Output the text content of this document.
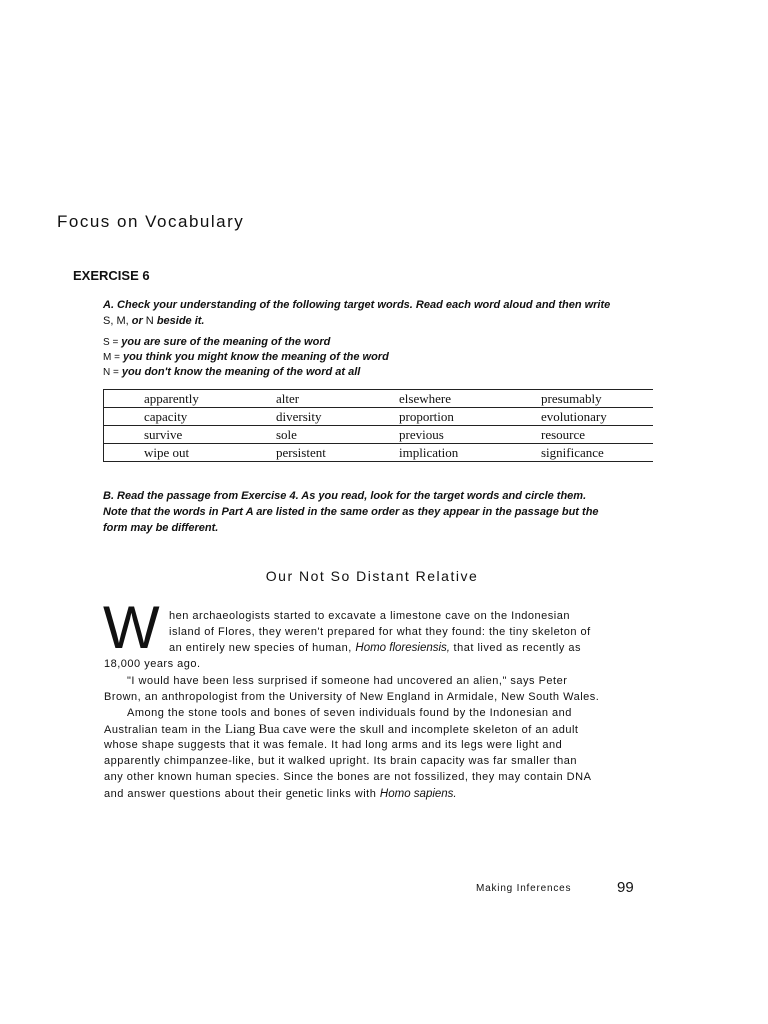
Focus on Vocabulary
EXERCISE 6
A. Check your understanding of the following target words. Read each word aloud and then write
S, M, or N beside it.
S = you are sure of the meaning of the word
M = you think you might know the meaning of the word
N = you don't know the meaning of the word at all
apparently	alter	elsewhere	presumably
capacity	diversity	proportion	evolutionary
survive	sole	previous	resource
wipe out	persistent	implication	significance
B. Read the passage from Exercise 4. As you read, look for the target words and circle them.
Note that the words in Part A are listed in the same order as they appear in the passage but the
form may be different.
Our Not So Distant Relative
W hen archaeologists started to excavate a limestone cave on the Indonesian
island of Flores, they weren't prepared for what they found: the tiny skeleton of
an entirely new species of human, Homo floresiensis, that lived as recently as
18,000 years ago.
"I would have been less surprised if someone had uncovered an alien," says Peter
Brown, an anthropologist from the University of New England in Armidale, New South Wales.
Among the stone tools and bones of seven individuals found by the Indonesian and
Australian team in the Liang Bua cave were the skull and incomplete skeleton of an adult
whose shape suggests that it was female. It had long arms and its legs were light and
apparently chimpanzee-like, but it walked upright. Its brain capacity was far smaller than
any other known human species. Since the bones are not fossilized, they may contain DNA
and answer questions about their genetic links with Homo sapiens.
Making Inferences	99
